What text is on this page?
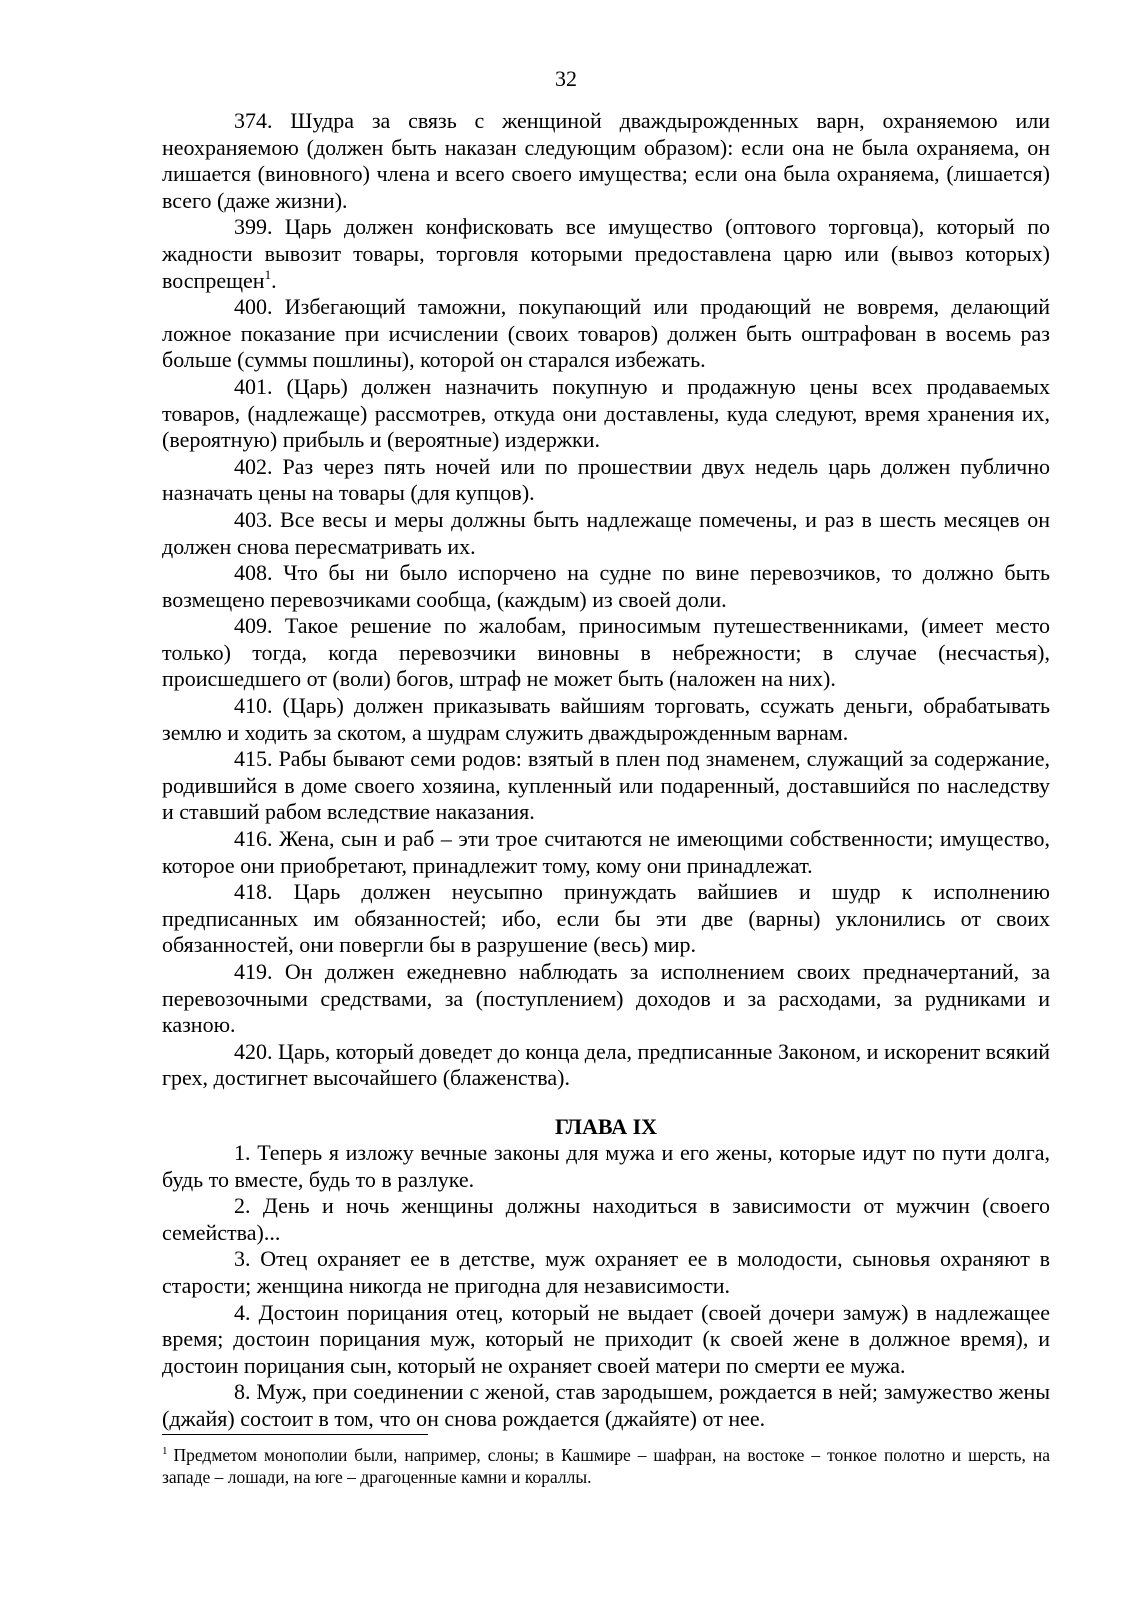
32

374. Шудра за связь с женщиной дваждырожденных варн, охраняемою или неохраняемою (должен быть наказан следующим образом): если она не была охраняема, он лишается (виновного) члена и всего своего имущества; если она была охраняема, (лишается) всего (даже жизни).

399. Царь должен конфисковать все имущество (оптового торговца), который по жадности вывозит товары, торговля которыми предоставлена царю или (вывоз которых) воспрещен$^1$.

400. Избегающий таможни, покупающий или продающий не вовремя, делающий ложное показание при исчислении (своих товаров) должен быть оштрафован в восемь раз больше (суммы пошлины), которой он старался избежать.

401. (Царь) должен назначить покупную и продажную цены всех продаваемых товаров, (надлежаще) рассмотрев, откуда они доставлены, куда следуют, время хранения их, (вероятную) прибыль и (вероятные) издержки.

402. Раз через пять ночей или по прошествии двух недель царь должен публично назначать цены на товары (для купцов).

403. Все весы и меры должны быть надлежаще помечены, и раз в шесть месяцев он должен снова пересматривать их.

408. Что бы ни было испорчено на судне по вине перевозчиков, то должно быть возмещено перевозчиками сообща, (каждым) из своей доли.

409. Такое решение по жалобам, приносимым путешественниками, (имеет место только) тогда, когда перевозчики виновны в небрежности; в случае (несчастья), происшедшего от (воли) богов, штраф не может быть (наложен на них).

410. (Царь) должен приказывать вайшиям торговать, ссужать деньги, обрабатывать землю и ходить за скотом, а шудрам служить дваждырожденным варнам.

415. Рабы бывают семи родов: взятый в плен под знаменем, служащий за содержание, родившийся в доме своего хозяина, купленный или подаренный, доставшийся по наследству и ставший рабом вследствие наказания.

416. Жена, сын и раб – эти трое считаются не имеющими собственности; имущество, которое они приобретают, принадлежит тому, кому они принадлежат.

418. Царь должен неусыпно принуждать вайшиев и шудр к исполнению предписанных им обязанностей; ибо, если бы эти две (варны) уклонились от своих обязанностей, они повергли бы в разрушение (весь) мир.

419. Он должен ежедневно наблюдать за исполнением своих предначертаний, за перевозочными средствами, за (поступлением) доходов и за расходами, за рудниками и казною.

420. Царь, который доведет до конца дела, предписанные Законом, и искоренит всякий грех, достигнет высочайшего (блаженства).

ГЛАВА IX

1. Теперь я изложу вечные законы для мужа и его жены, которые идут по пути долга, будь то вместе, будь то в разлуке.

2. День и ночь женщины должны находиться в зависимости от мужчин (своего семейства)...

3. Отец охраняет ее в детстве, муж охраняет ее в молодости, сыновья охраняют в старости; женщина никогда не пригодна для независимости.

4. Достоин порицания отец, который не выдает (своей дочери замуж) в надлежащее время; достоин порицания муж, который не приходит (к своей жене в должное время), и достоин порицания сын, который не охраняет своей матери по смерти ее мужа.

8. Муж, при соединении с женой, став зародышем, рождается в ней; замужество жены (джайя) состоит в том, что он снова рождается (джайяте) от нее.

$^1$ Предметом монополии были, например, слоны; в Кашмире – шафран, на востоке – тонкое полотно и шерсть, на западе – лошади, на юге – драгоценные камни и кораллы.
